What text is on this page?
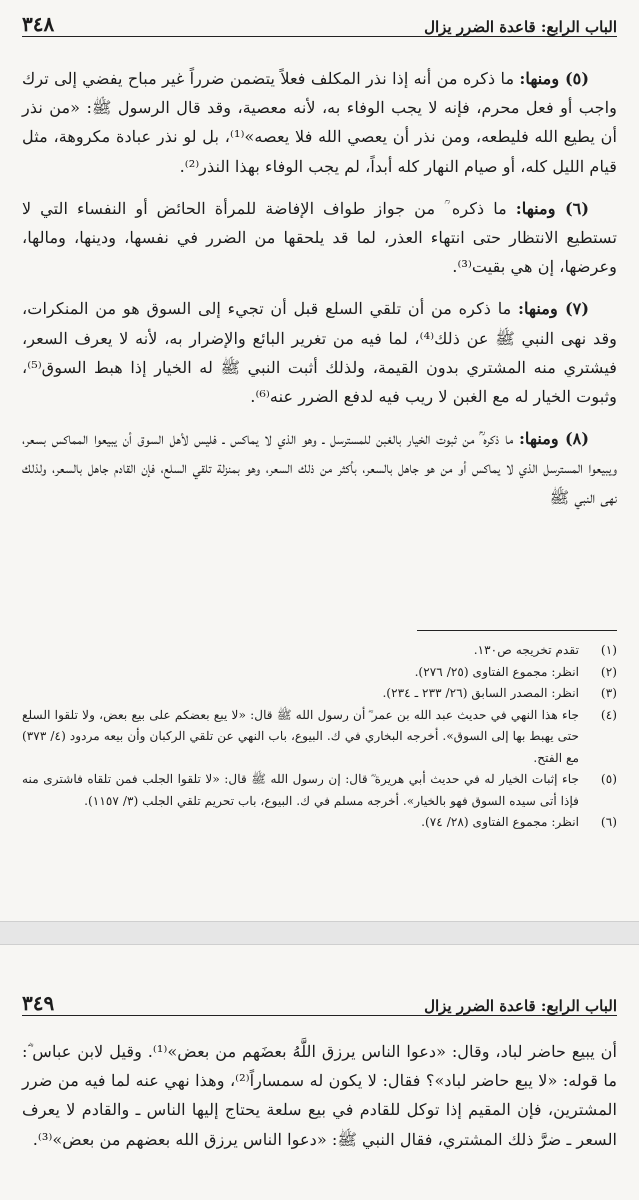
الباب الرابع: قاعدة الضرر يزال
٣٤٨

(٥) ومنها: ما ذكره من أنه إذا نذر المكلف فعلاً يتضمن ضرراً غير مباح يفضي إلى ترك واجب أو فعل محرم، فإنه لا يجب الوفاء به، لأنه معصية، وقد قال الرسول ﷺ: «من نذر أن يطيع الله فليطعه، ومن نذر أن يعصي الله فلا يعصه»⁽¹⁾، بل لو نذر عبادة مكروهة، مثل قيام الليل كله، أو صيام النهار كله أبداً، لم يجب الوفاء بهذا النذر⁽²⁾.

(٦) ومنها: ما ذكره ؒ من جواز طواف الإفاضة للمرأة الحائض أو النفساء التي لا تستطيع الانتظار حتى انتهاء العذر، لما قد يلحقها من الضرر في نفسها، ودينها، ومالها، وعرضها، إن هي بقيت⁽³⁾.

(٧) ومنها: ما ذكره من أن تلقي السلع قبل أن تجيء إلى السوق هو من المنكرات، وقد نهى النبي ﷺ عن ذلك⁽⁴⁾، لما فيه من تغرير البائع والإضرار به، لأنه لا يعرف السعر، فيشتري منه المشتري بدون القيمة، ولذلك أثبت النبي ﷺ له الخيار إذا هبط السوق⁽⁵⁾، وثبوت الخيار له مع الغبن لا ريب فيه لدفع الضرر عنه⁽⁶⁾.

(٨) ومنها: ما ذكره ؒ من ثبوت الخيار بالغبن للمسترسل ـ وهو الذي لا يماكس ـ فليس لأهل السوق أن يبيعوا المماكس بسعر، ويبيعوا المسترسل الذي لا يماكس أو من هو جاهل بالسعر، بأكثر من ذلك السعر، وهو بمنزلة تلقي السلع، فإن القادم جاهل بالسعر، ولذلك نهى النبي ﷺ

(١)
تقدم تخريجه ص١٣٠.
(٢)
انظر: مجموع الفتاوى (٢٥/ ٢٧٦).
(٣)
انظر: المصدر السابق (٢٦/ ٢٣٣ ـ ٢٣٤).
(٤)
جاء هذا النهي في حديث عبد الله بن عمر ؓ أن رسول الله ﷺ قال: «لا يبع بعضكم على بيع بعض، ولا تلقوا السلع حتى يهبط بها إلى السوق». أخرجه البخاري في ك. البيوع، باب النهي عن تلقي الركبان وأن بيعه مردود (٤/ ٣٧٣) مع الفتح.
(٥)
جاء إثبات الخيار له في حديث أبي هريرة ؓ قال: إن رسول الله ﷺ قال: «لا تلقوا الجلب فمن تلقاه فاشترى منه فإذا أتى سيده السوق فهو بالخيار». أخرجه مسلم في ك. البيوع، باب تحريم تلقي الجلب (٣/ ١١٥٧).
(٦)
انظر: مجموع الفتاوى (٢٨/ ٧٤).
الباب الرابع: قاعدة الضرر يزال
٣٤٩

أن يبيع حاضر لباد، وقال: «دعوا الناس يرزق اللَّهُ بعضَهم من بعض»⁽¹⁾. وقيل لابن عباس ؓ: ما قوله: «لا يبع حاضر لباد»؟ فقال: لا يكون له سمساراً⁽²⁾، وهذا نهي عنه لما فيه من ضرر المشترين، فإن المقيم إذا توكل للقادم في بيع سلعة يحتاج إليها الناس ـ والقادم لا يعرف السعر ـ ضرَّ ذلك المشتري، فقال النبي ﷺ: «دعوا الناس يرزق الله بعضهم من بعض»⁽³⁾.
